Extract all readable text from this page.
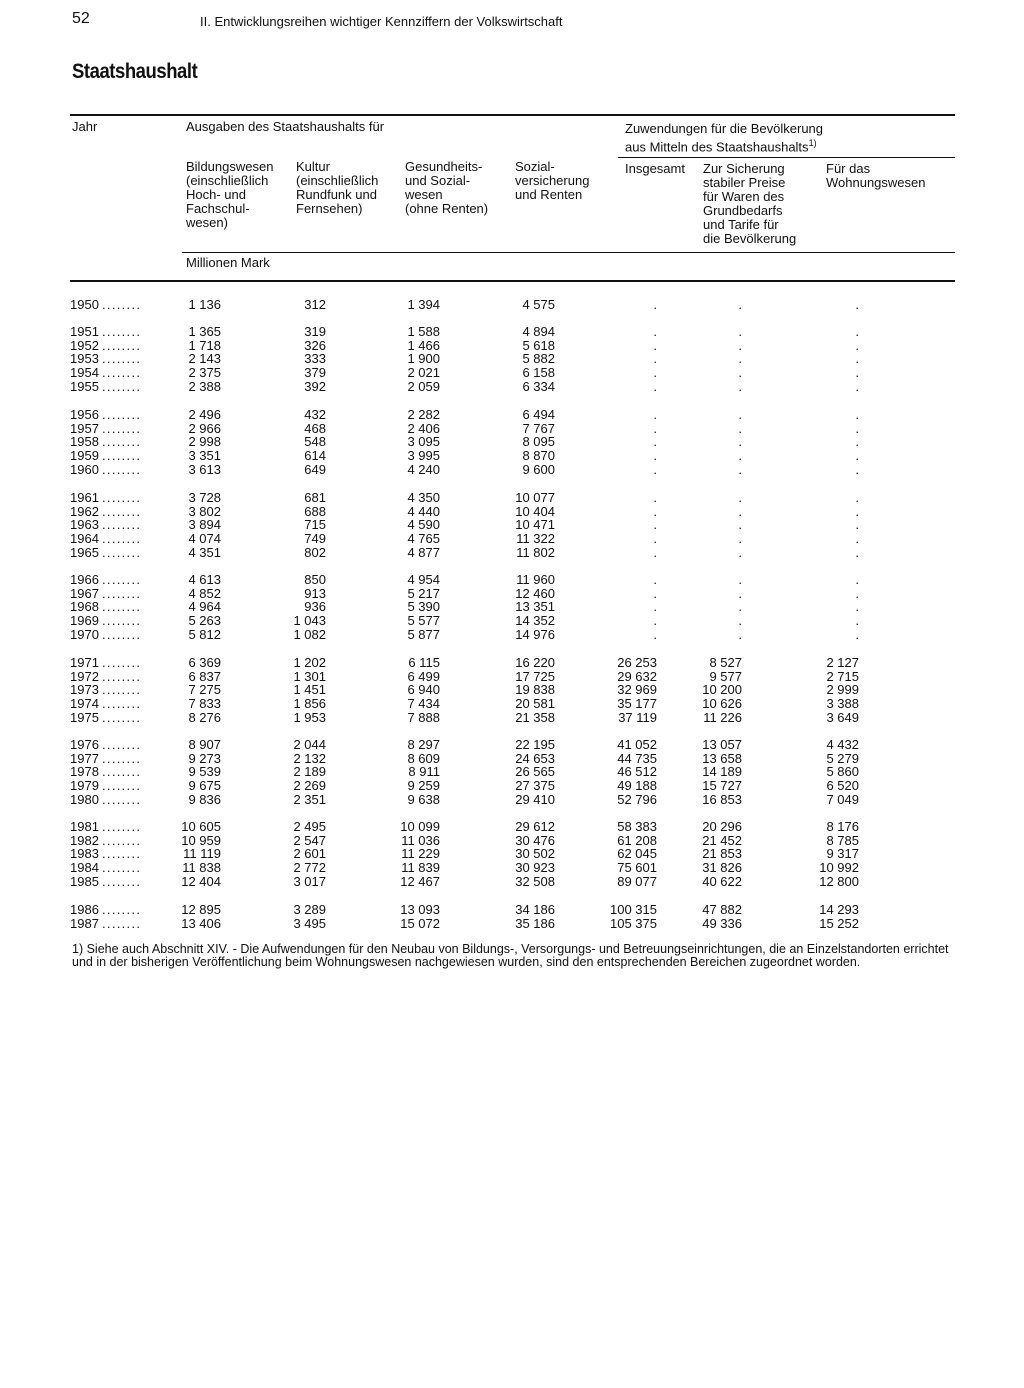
52	II. Entwicklungsreihen wichtiger Kennziffern der Volkswirtschaft
Staatshaushalt
Jahr	Ausgaben des Staatshaushalts für	Zuwendungen für die Bevölkerung
aus Mitteln des Staatshaushalts$^{1)}$
Bildungswesen
(einschließlich
Hoch- und
Fachschul-
wesen)
Kultur
(einschließlich
Rundfunk und
Fernsehen)
Gesundheits-
und Sozial-
wesen
(ohne Renten)
Sozial-
versicherung
und Renten
Insgesamt Zur Sicherung
stabiler Preise
für Waren des
Grundbedarfs
und Tarife für
die Bevölkerung
Für das
Wohnungswesen
Millionen Mark
1950 ........	1 136	312	1 394	4 575	.	.	.
1951 ........	1 365	319	1 588	4 894	.	.	.
1952 ........	1 718	326	1 466	5 618	.	.	.
1953 ........	2 143	333	1 900	5 882	.	.	.
1954 ........	2 375	379	2 021	6 158	.	.	.
1955 ........	2 388	392	2 059	6 334	.	.	.
1956 ........	2 496	432	2 282	6 494	.	.	.
1957 ........	2 966	468	2 406	7 767	.	.	.
1958 ........	2 998	548	3 095	8 095	.	.	.
1959 ........	3 351	614	3 995	8 870	.	.	.
1960 ........	3 613	649	4 240	9 600	.	.	.
1961 ........	3 728	681	4 350	10 077	.	.	.
1962 ........	3 802	688	4 440	10 404	.	.	.
1963 ........	3 894	715	4 590	10 471	.	.	.
1964 ........	4 074	749	4 765	11 322	.	.	.
1965 ........	4 351	802	4 877	11 802	.	.	.
1966 ........	4 613	850	4 954	11 960	.	.	.
1967 ........	4 852	913	5 217	12 460	.	.	.
1968 ........	4 964	936	5 390	13 351	.	.	.
1969 ........	5 263	1 043	5 577	14 352	.	.	.
1970 ........	5 812	1 082	5 877	14 976	.	.	.
1971 ........	6 369	1 202	6 115	16 220	26 253	8 527	2 127
1972 ........	6 837	1 301	6 499	17 725	29 632	9 577	2 715
1973 ........	7 275	1 451	6 940	19 838	32 969	10 200	2 999
1974 ........	7 833	1 856	7 434	20 581	35 177	10 626	3 388
1975 ........	8 276	1 953	7 888	21 358	37 119	11 226	3 649
1976 ........	8 907	2 044	8 297	22 195	41 052	13 057	4 432
1977 ........	9 273	2 132	8 609	24 653	44 735	13 658	5 279
1978 ........	9 539	2 189	8 911	26 565	46 512	14 189	5 860
1979 ........	9 675	2 269	9 259	27 375	49 188	15 727	6 520
1980 ........	9 836	2 351	9 638	29 410	52 796	16 853	7 049
1981 ........	10 605	2 495	10 099	29 612	58 383	20 296	8 176
1982 ........	10 959	2 547	11 036	30 476	61 208	21 452	8 785
1983 ........	11 119	2 601	11 229	30 502	62 045	21 853	9 317
1984 ........	11 838	2 772	11 839	30 923	75 601	31 826	10 992
1985 ........	12 404	3 017	12 467	32 508	89 077	40 622	12 800
1986 ........	12 895	3 289	13 093	34 186	100 315	47 882	14 293
1987 ........	13 406	3 495	15 072	35 186	105 375	49 336	15 252
1) Siehe auch Abschnitt XIV. - Die Aufwendungen für den Neubau von Bildungs-, Versorgungs- und Betreuungseinrichtungen, die an Einzelstandorten errichtet und in der bisherigen Veröffentlichung beim Wohnungswesen nachgewiesen wurden, sind den entsprechenden Bereichen zugeordnet worden.
